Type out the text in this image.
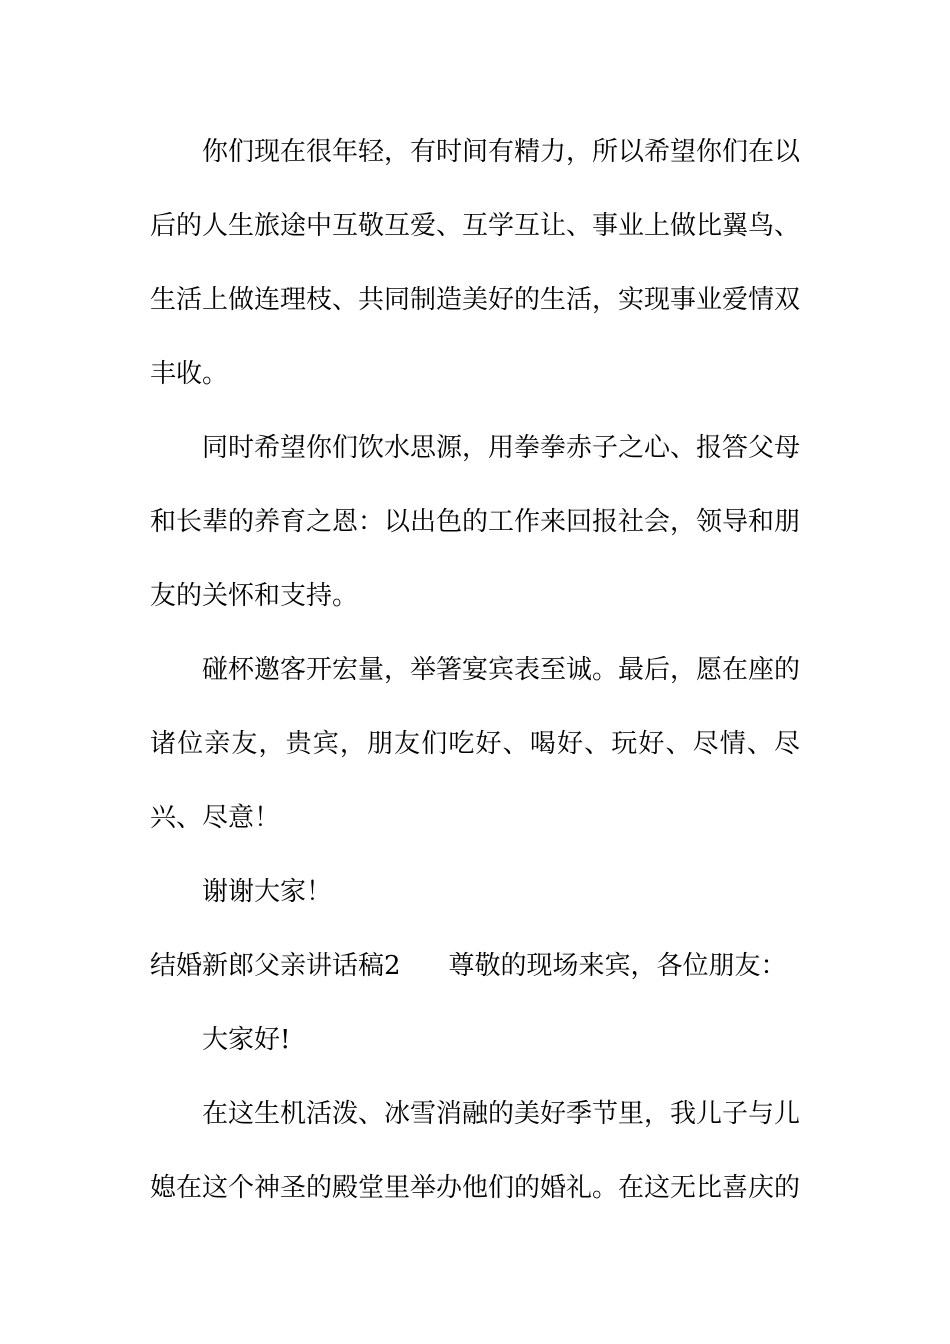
你们现在很年轻，有时间有精力，所以希望你们在以后的人生旅途中互敬互爱、互学互让、事业上做比翼鸟、生活上做连理枝、共同制造美好的生活，实现事业爱情双丰收。

同时希望你们饮水思源，用拳拳赤子之心、报答父母和长辈的养育之恩：以出色的工作来回报社会，领导和朋友的关怀和支持。

碰杯邀客开宏量，举箸宴宾表至诚。最后，愿在座的诸位亲友，贵宾，朋友们吃好、喝好、玩好、尽情、尽兴、尽意！

谢谢大家！

结婚新郎父亲讲话稿2 尊敬的现场来宾，各位朋友：

大家好!

在这生机活泼、冰雪消融的美好季节里，我儿子与儿媳在这个神圣的殿堂里举办他们的婚礼。在这无比喜庆的
